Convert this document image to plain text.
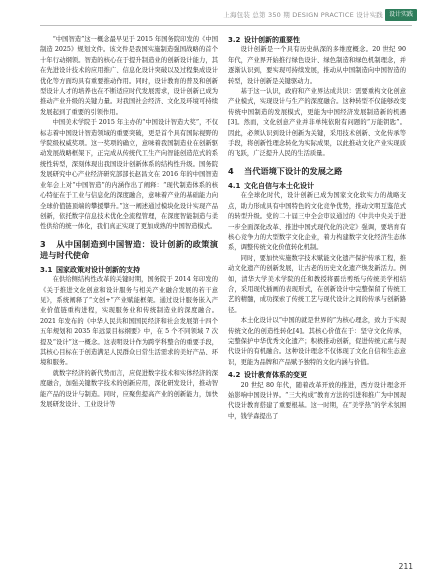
上海包装 总第 350 期 DESIGN PRACTICE 设计实践 设计实践

“中国智造”这一概念最早见于 2015 年国务院印发的《中国制造 2025》规划文件。该文件是我国实施制造强国战略的首个十年行动纲领。智造的核心在于提升制造业的创新设计能力，其在先进设计技术的应用推广、信息化设计突破以及过程集成设计优化等方面均具有重要推动作用。同时，设计教育的普及和创新型设计人才的培养也在不断适应时代发展需求，设计创新已成为推动产业升级的关键力量。对我国社会经济、文化及环境可持续发展起到了重要的引领作用。

中国美术学院于 2015 年主办的“中国设计智造大奖”，不仅标志着中国设计智造领域的重要突破，更是首个具有国际视野的学院级权威奖项。这一奖项的确立，意味着我国制造业在创新驱动发展战略框架下，正完成从传统代工生产向智能创造范式的系统性转型，深刻体现出我国设计创新体系的结构性升级。国务院发展研究中心产业经济研究部部长赵昌文在 2016 年的中国智造业年会上对“中国智造”的内涵作出了阐释：“现代制造体系的核心特征在于工业与信息化的深度融合，意味着产业的基础能力向全球价值链顶端的攀援攀升。”这一阐述通过模块化设计实现产品创新，依托数字信息技术优化全流程管理，在深度智能制造与柔性供给的统一体化，我们真正实现了更加成熟的中国智造模式。

3 从中国制造到中国智造：设计创新的政策演进与时代使命
3.1 国家政策对设计创新的支持

在供给侧结构性改革的关键时期，国务院于 2014 年印发的《关于推进文化创意和设计服务与相关产业融合发展的若干意见》，系统阐释了“文创+”产业赋能框架。通过设计服务嵌入产业价值链重构进程，实现服务业和传统制造业的深度融合。2021 年发布的《中华人民共和国国民经济和社会发展第十四个五年规划和 2035 年远景目标纲要》中，在 5 个不同领域 7 次提及“设计”这一概念。这表明设计作为跨学科整合的重要手段，其核心目标在于创造满足人民群众日常生活需求的美好产品、环境和服务。

就数字经济的新代势而言，应促进数字技术和实体经济的深度融合，加强关键数字技术的创新应用，深化研发设计，推动智能产品的设计与制造。同时，应聚焦提高产业的创新能力，加快发展研发设计、工业设计等

3.2 设计创新的重要性

设计创新是一个具有历史纵深的多维度概念。20 世纪 90 年代，产业界开始推行绿色设计、绿色制造和绿色机制理念，并逐渐认识到，要实现可持续发展，推动从中国制造向中国智造的转型，设计创新是关键驱动力。

基于这一认识，政府和产业界达成共识：需要重构文化创意产业模式，实现设计与生产的深度融合。这种转型不仅能够改变传统中国制造的发展模式，更能为中国经济发展制造新的机遇[3]。然而，文化创意产业并非单纯依附有问题的“万能钥匙”。因此，必须认识到设计创新为关键，采用技术创新、文化传承等手段，将创新性理念转化为实际成果，以此推动文化产业实现质的飞跃，广泛提升人民的生活质量。

4 当代语境下设计的发展之路
4.1 文化自信与本土化设计

在全球化时代，设计创新已成为国家文化软实力的战略支点，助力形成具有中国特色的文化竞争优势，推动文明互鉴范式的转型升级。党的二十届三中全会审议通过的《中共中央关于进一步全面深化改革、推进中国式现代化的决定》强调，要培育有核心竞争力的大型数字文化企业，着力构建数字文化经济生态体系，调整传统文化价值转化机制。

同时，要加快实施数字技术赋能文化遗产保护传承工程，推动文化遗产的创新发展，让古老的历史文化遗产焕发新活力。例如，清华大学美术学院的任和教授将霸岳剪纸与传统美学相结合，采用现代插画的表现形式，在创新设计中完整保留了传统工艺的精髓，成功探索了传统工艺与现代设计之间的传承与创新路径。

本土化设计以“中国的就是世界的”为核心理念，致力于实现传统文化的创造性转化[4]。其核心价值在于：坚守文化传承，完整保护中华优秀文化遗产；积极推动创新，促进传统元素与现代设计的有机融合。这种设计理念不仅体现了文化自信和生态意识，更能为品牌和产品赋予独特的文化内涵与价值。

4.2 设计教育体系的变更

20 世纪 80 年代，随着改革开放的推进，西方设计理念开始影响中国设计界。“三大构成”教育方法的引进和推广为中国现代设计教育搭建了重要根基。这一时期，在“美学热”的学术氛围中，钱学森提出了

211
